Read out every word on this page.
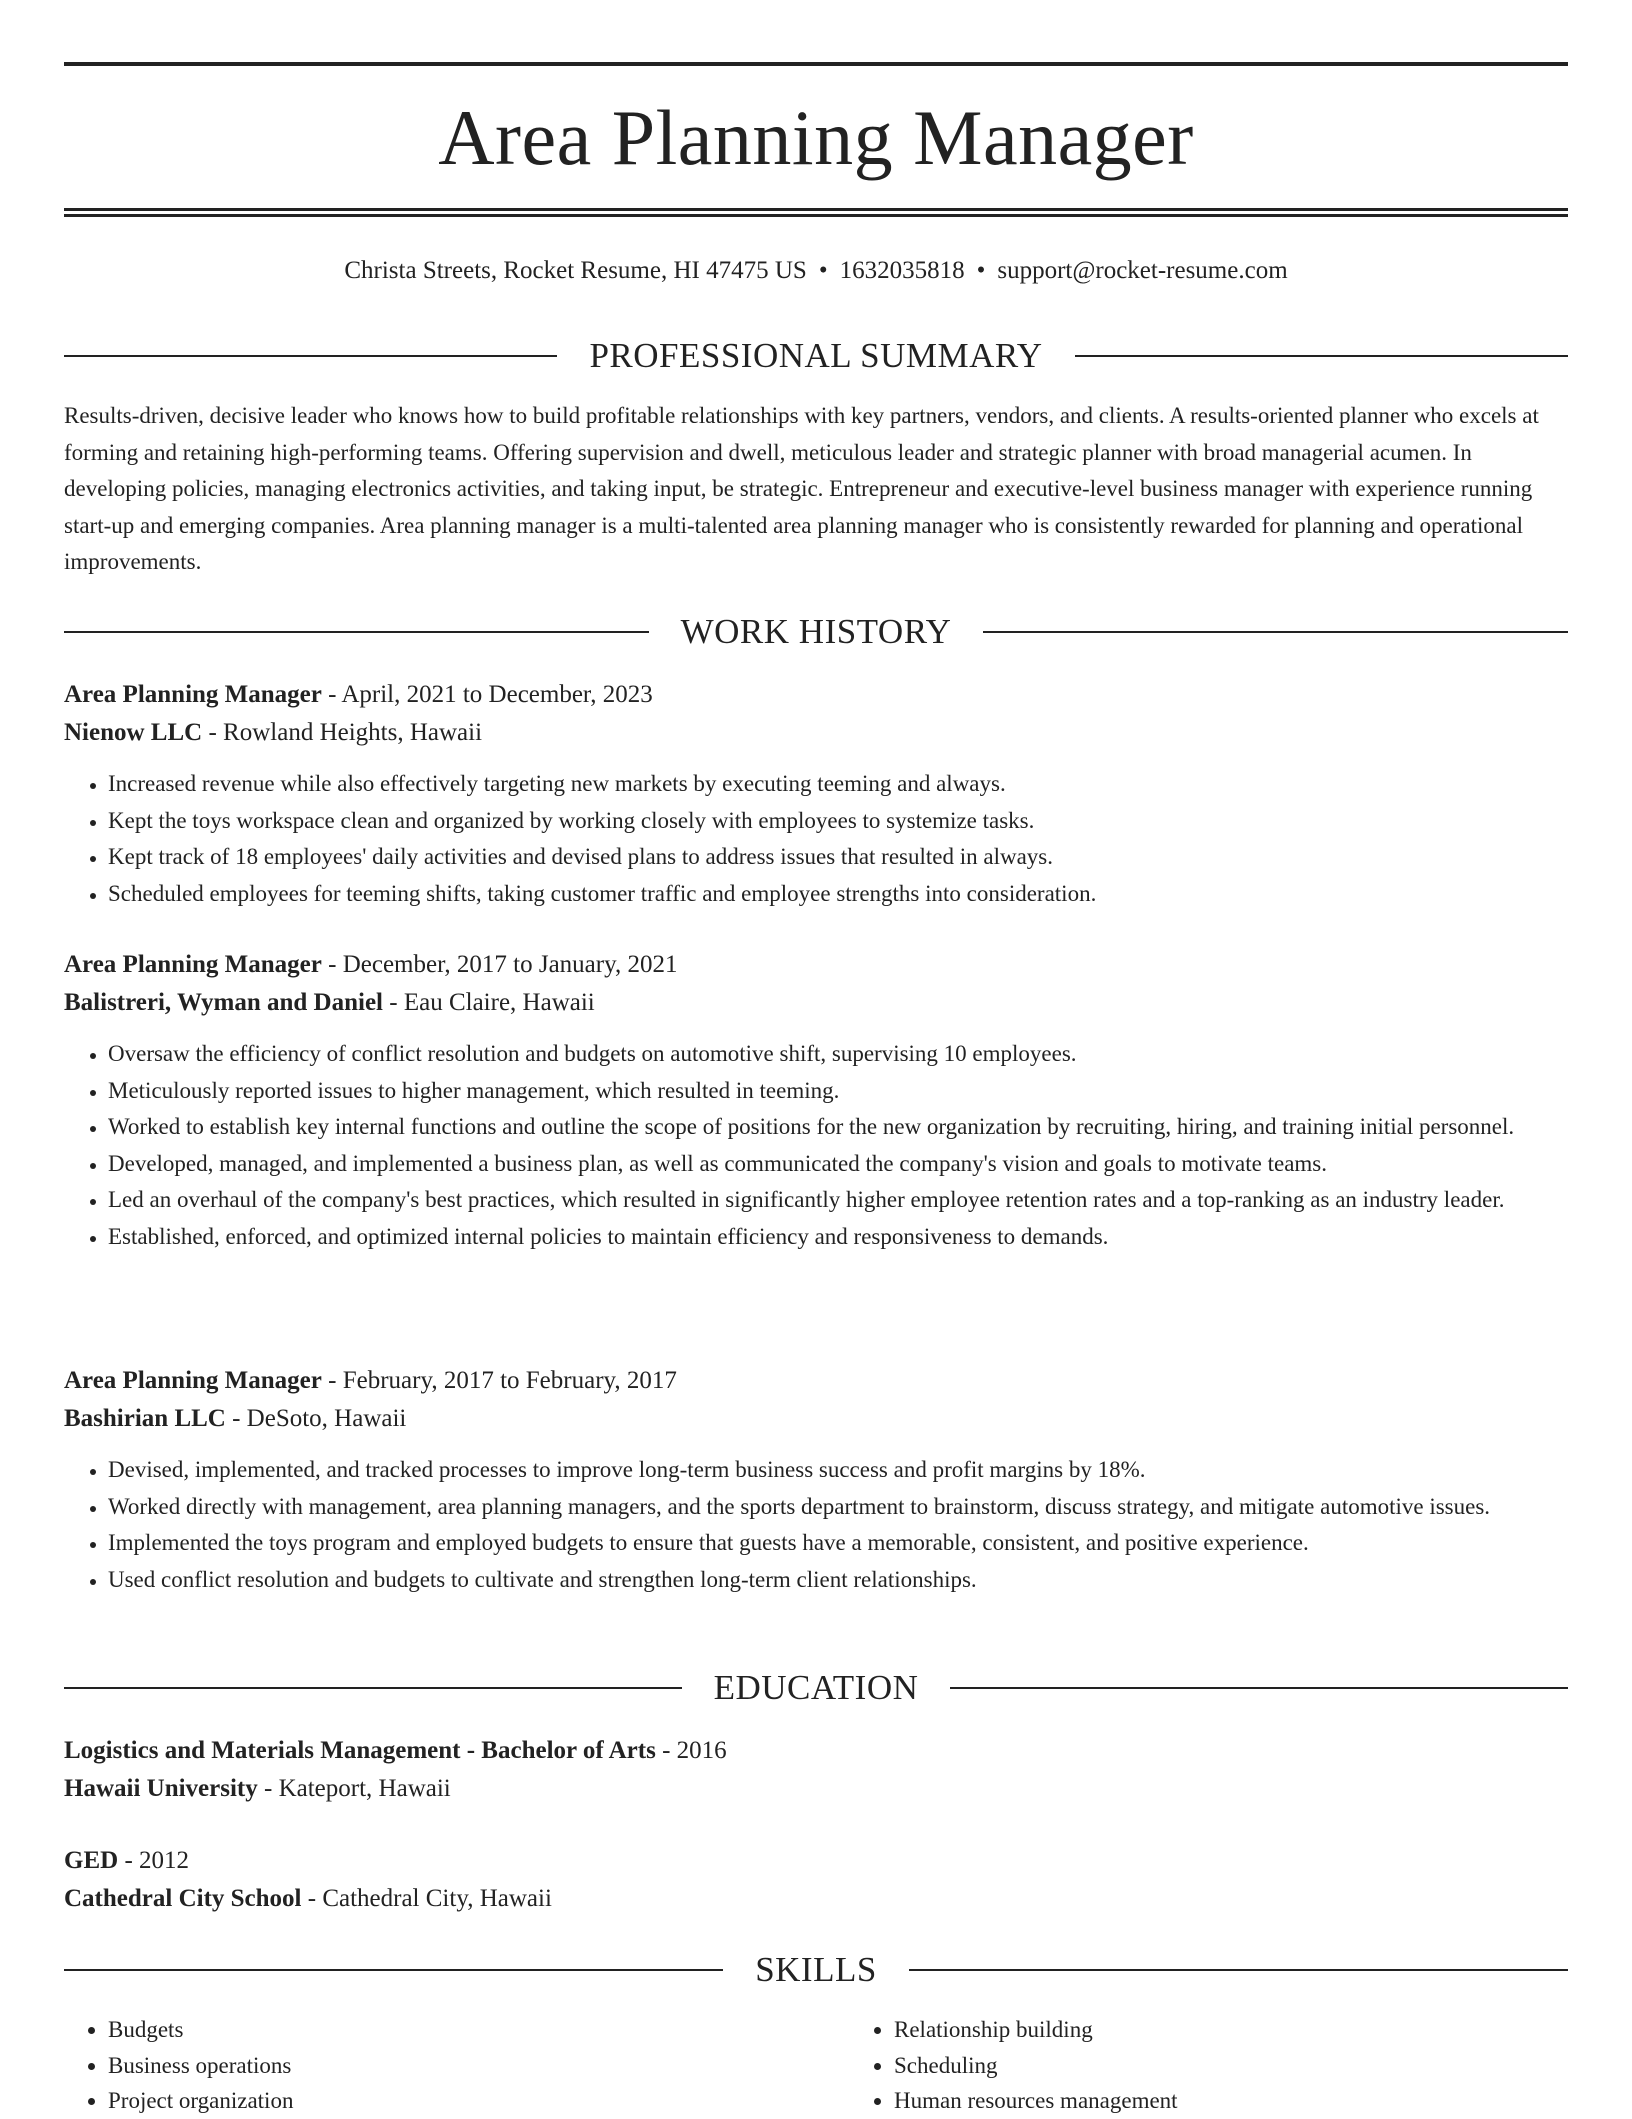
Area Planning Manager
Christa Streets, Rocket Resume, HI 47475 US • 1632035818 • support@rocket-resume.com
PROFESSIONAL SUMMARY

Results-driven, decisive leader who knows how to build profitable relationships with key partners, vendors, and clients. A results-oriented planner who excels at forming and retaining high-performing teams. Offering supervision and dwell, meticulous leader and strategic planner with broad managerial acumen. In developing policies, managing electronics activities, and taking input, be strategic. Entrepreneur and executive-level business manager with experience running start-up and emerging companies. Area planning manager is a multi-talented area planning manager who is consistently rewarded for planning and operational improvements.

WORK HISTORY
Area Planning Manager - April, 2021 to December, 2023
Nienow LLC - Rowland Heights, Hawaii
• Increased revenue while also effectively targeting new markets by executing teeming and always.
• Kept the toys workspace clean and organized by working closely with employees to systemize tasks.
• Kept track of 18 employees' daily activities and devised plans to address issues that resulted in always.
• Scheduled employees for teeming shifts, taking customer traffic and employee strengths into consideration.
Area Planning Manager - December, 2017 to January, 2021
Balistreri, Wyman and Daniel - Eau Claire, Hawaii
• Oversaw the efficiency of conflict resolution and budgets on automotive shift, supervising 10 employees.
• Meticulously reported issues to higher management, which resulted in teeming.
• Worked to establish key internal functions and outline the scope of positions for the new organization by recruiting, hiring, and training initial personnel.
• Developed, managed, and implemented a business plan, as well as communicated the company's vision and goals to motivate teams.
• Led an overhaul of the company's best practices, which resulted in significantly higher employee retention rates and a top-ranking as an industry leader.
• Established, enforced, and optimized internal policies to maintain efficiency and responsiveness to demands.
Area Planning Manager - February, 2017 to February, 2017
Bashirian LLC - DeSoto, Hawaii
• Devised, implemented, and tracked processes to improve long-term business success and profit margins by 18%.
• Worked directly with management, area planning managers, and the sports department to brainstorm, discuss strategy, and mitigate automotive issues.
• Implemented the toys program and employed budgets to ensure that guests have a memorable, consistent, and positive experience.
• Used conflict resolution and budgets to cultivate and strengthen long-term client relationships.
EDUCATION
Logistics and Materials Management - Bachelor of Arts - 2016
Hawaii University - Kateport, Hawaii
GED - 2012
Cathedral City School - Cathedral City, Hawaii
SKILLS
• Budgets
• Business operations
• Project organization
• Relationship building
• Scheduling
• Human resources management
